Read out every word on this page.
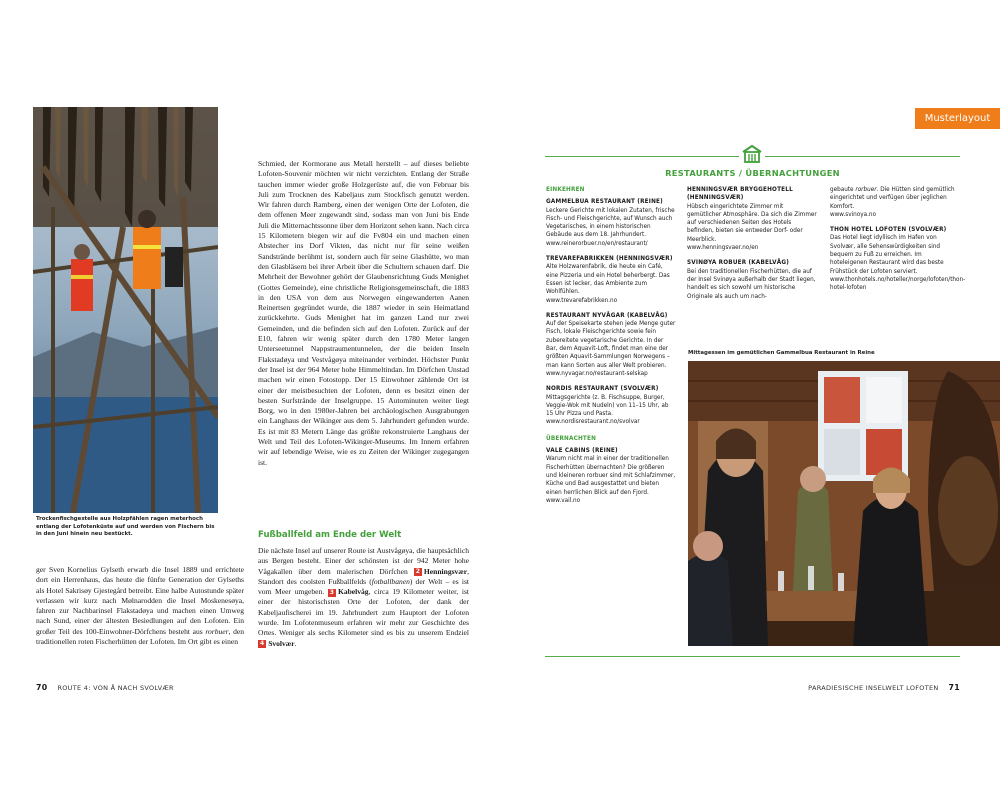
Trockenfischgestelle aus Holzpfählen ragen meterhoch entlang der Lofotenküste auf und werden von Fischern bis in den Juni hinein neu bestückt.

ger Sven Kornelius Gylseth erwarb die Insel 1889 und errichtete dort ein Herrenhaus, das heute die fünfte Generation der Gylseths als Hotel Sakrisøy Gjestegård betreibt. Eine halbe Autostunde später verlassen wir kurz nach Mølnarodden die Insel Moskenesøya, fahren zur Nachbarinsel Flakstadøya und machen einen Umweg nach Sund, einer der ältesten Besiedlungen auf den Lofoten. Ein großer Teil des 100-Einwohner-Dörfchens besteht aus rorbuer, den traditionellen roten Fischerhütten der Lofoten. Im Ort gibt es einen

Schmied, der Kormorane aus Metall herstellt – auf dieses beliebte Lofoten-Souvenir möchten wir nicht verzichten. Entlang der Straße tauchen immer wieder große Holzgerüste auf, die von Februar bis Juli zum Trocknen des Kabeljaus zum Stockfisch genutzt werden. Wir fahren durch Ramberg, einen der wenigen Orte der Lofoten, die dem offenen Meer zugewandt sind, sodass man von Juni bis Ende Juli die Mitternachtssonne über dem Horizont sehen kann. Nach circa 15 Kilometern biegen wir auf die Fv804 ein und machen einen Abstecher ins Dorf Vikten, das nicht nur für seine weißen Sandstrände berühmt ist, sondern auch für seine Glashütte, wo man den Glasbläsern bei ihrer Arbeit über die Schultern schauen darf. Die Mehrheit der Bewohner gehört der Glaubensrichtung Guds Menighet (Gottes Gemeinde), eine christliche Religionsgemeinschaft, die 1883 in den USA von dem aus Norwegen eingewanderten Aanen Reinertsen gegründet wurde, die 1887 wieder in sein Heimatland zurückkehrte. Guds Menighet hat im ganzen Land nur zwei Gemeinden, und die befinden sich auf den Lofoten. Zurück auf der E10, fahren wir wenig später durch den 1780 Meter langen Unterseetunnel Nappstraumentunnelen, der die beiden Inseln Flakstadøya und Vestvågøya miteinander verbindet. Höchster Punkt der Insel ist der 964 Meter hohe Himmeltindan. Im Dörfchen Unstad machen wir einen Fotostopp. Der 15 Einwohner zählende Ort ist einer der meistbesuchten der Lofoten, denn es besitzt einen der besten Surfstrände der Inselgruppe. 15 Autominuten weiter liegt Borg, wo in den 1980er-Jahren bei archäologischen Ausgrabungen ein Langhaus der Wikinger aus dem 5. Jahrhundert gefunden wurde. Es ist mit 83 Metern Länge das größte rekonstruierte Langhaus der Welt und Teil des Lofoten-Wikinger-Museums. Im Innern erfahren wir auf lebendige Weise, wie es zu Zeiten der Wikinger zugegangen ist.

Fußballfeld am Ende der Welt

Die nächste Insel auf unserer Route ist Austvågøya, die hauptsächlich aus Bergen besteht. Einer der schönsten ist der 942 Meter hohe Vågakallen über dem malerischen Dörfchen 2 Henningsvær, Standort des coolsten Fußballfelds (fotballbanen) der Welt – es ist vom Meer umgeben. 3 Kabelvåg, circa 19 Kilometer weiter, ist einer der historischsten Orte der Lofoten, der dank der Kabeljaufischerei im 19. Jahrhundert zum Hauptort der Lofoten wurde. Im Lofotenmuseum erfahren wir mehr zur Geschichte des Ortes. Weniger als sechs Kilometer sind es bis zu unserem Endziel 4 Svolvær.

Musterlayout
RESTAURANTS / ÜBERNACHTUNGEN
EINKEHREN
GAMMELBUA RESTAURANT (REINE)
Leckere Gerichte mit lokalen Zutaten, frische Fisch- und Fleischgerichte, auf Wunsch auch Vegetarisches, in einem historischen Gebäude aus dem 18. Jahrhundert.
www.reinerorbuer.no/en/restaurant/
TREVAREFABRIKKEN (HENNINGSVÆR)
Alte Holzwarenfabrik, die heute ein Café, eine Pizzeria und ein Hotel beherbergt. Das Essen ist lecker, das Ambiente zum Wohlfühlen.
www.trevarefabrikken.no
RESTAURANT NYVÅGAR (KABELVÅG)
Auf der Speisekarte stehen jede Menge guter Fisch, lokale Fleischgerichte sowie fein zubereitete vegetarische Gerichte. In der Bar, dem Aquavit-Loft, findet man eine der größten Aquavit-Sammlungen Norwegens – man kann Sorten aus aller Welt probieren.
www.nyvagar.no/restaurant-selskap
NORDIS RESTAURANT (SVOLVÆR)
Mittagsgerichte (z. B. Fischsuppe, Burger, Veggie-Wok mit Nudeln) von 11–15 Uhr, ab 15 Uhr Pizza und Pasta.
www.nordisrestaurant.no/svolvar
ÜBERNACHTEN
VALE CABINS (REINE)
Warum nicht mal in einer der traditionellen Fischerhütten übernachten? Die größeren und kleineren rorbuer sind mit Schlafzimmer, Küche und Bad ausgestattet und bieten einen herrlichen Blick auf den Fjord.
www.vail.no
HENNINGSVÆR BRYGGEHOTELL (HENNINGSVÆR)
Hübsch eingerichtete Zimmer mit gemütlicher Atmosphäre. Da sich die Zimmer auf verschiedenen Seiten des Hotels befinden, bieten sie entweder Dorf- oder Meerblick.
www.henningsvaer.no/en
SVINØYA ROBUER (KABELVÅG)
Bei den traditionellen Fischerhütten, die auf der Insel Svinøya außerhalb der Stadt liegen, handelt es sich sowohl um historische Originale als auch um nach-
gebaute rorbuer. Die Hütten sind gemütlich eingerichtet und verfügen über jeglichen Komfort.
www.svinoya.no
THON HOTEL LOFOTEN (SVOLVÆR)
Das Hotel liegt idyllisch im Hafen von Svolvær, alle Sehenswürdigkeiten sind bequem zu Fuß zu erreichen. Im hoteleigenen Restaurant wird das beste Frühstück der Lofoten serviert.
www.thonhotels.no/hoteller/norge/lofoten/thon-hotel-lofoten
Mittagessen im gemütlichen Gammelbua Restaurant in Reine
70 ROUTE 4: VON Å NACH SVOLVÆR	PARADIESISCHE INSELWELT LOFOTEN 71
